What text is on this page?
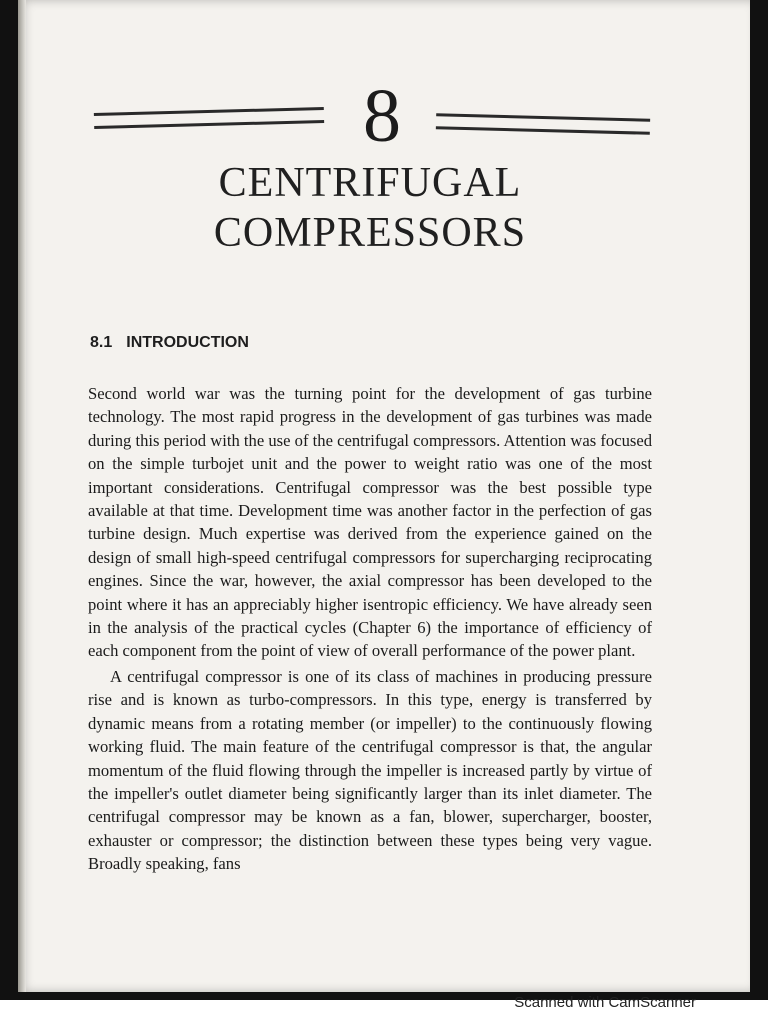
8
CENTRIFUGAL
COMPRESSORS
8.1 INTRODUCTION

Second world war was the turning point for the development of gas turbine technology. The most rapid progress in the development of gas turbines was made during this period with the use of the centrifugal compressors. Attention was focused on the simple turbojet unit and the power to weight ratio was one of the most important considerations. Centrifugal compressor was the best possible type available at that time. Development time was another factor in the perfection of gas turbine design. Much expertise was derived from the experience gained on the design of small high-speed centrifugal compressors for supercharging reciprocating engines. Since the war, however, the axial compressor has been developed to the point where it has an appreciably higher isentropic efficiency. We have already seen in the analysis of the practical cycles (Chapter 6) the importance of efficiency of each component from the point of view of overall performance of the power plant.

A centrifugal compressor is one of its class of machines in producing pressure rise and is known as turbo-compressors. In this type, energy is transferred by dynamic means from a rotating member (or impeller) to the continuously flowing working fluid. The main feature of the centrifugal compressor is that, the angular momentum of the fluid flowing through the impeller is increased partly by virtue of the impeller's outlet diameter being significantly larger than its inlet diameter. The centrifugal compressor may be known as a fan, blower, supercharger, booster, exhauster or compressor; the distinction between these types being very vague. Broadly speaking, fans

Scanned with CamScanner
